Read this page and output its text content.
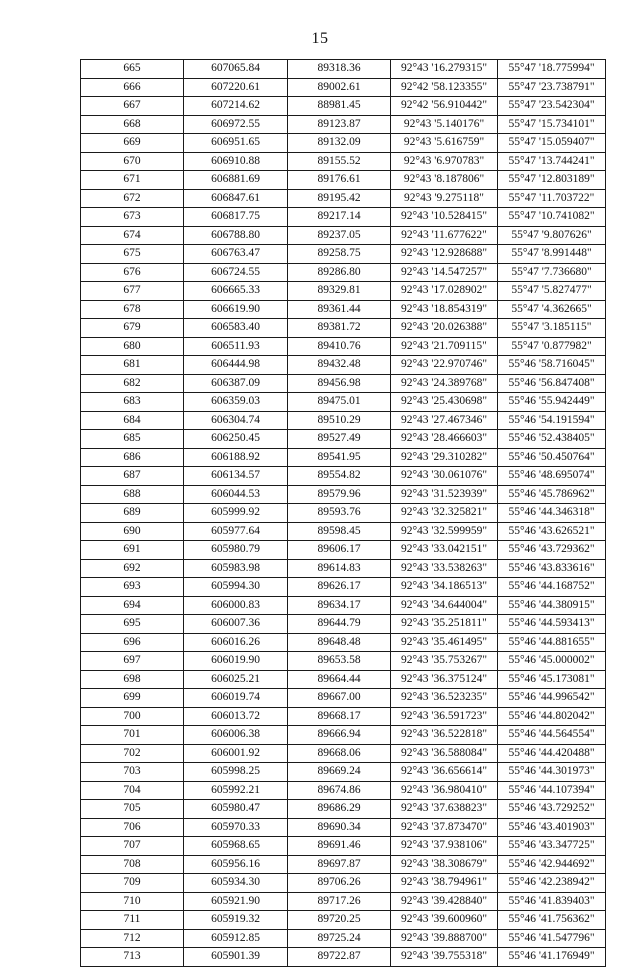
15
665	607065.84	89318.36	92°43 '16.279315"	55°47 '18.775994"
666	607220.61	89002.61	92°42 '58.123355"	55°47 '23.738791"
667	607214.62	88981.45	92°42 '56.910442"	55°47 '23.542304"
668	606972.55	89123.87	92°43 '5.140176"	55°47 '15.734101"
669	606951.65	89132.09	92°43 '5.616759"	55°47 '15.059407"
670	606910.88	89155.52	92°43 '6.970783"	55°47 '13.744241"
671	606881.69	89176.61	92°43 '8.187806"	55°47 '12.803189"
672	606847.61	89195.42	92°43 '9.275118"	55°47 '11.703722"
673	606817.75	89217.14	92°43 '10.528415"	55°47 '10.741082"
674	606788.80	89237.05	92°43 '11.677622"	55°47 '9.807626"
675	606763.47	89258.75	92°43 '12.928688"	55°47 '8.991448"
676	606724.55	89286.80	92°43 '14.547257"	55°47 '7.736680"
677	606665.33	89329.81	92°43 '17.028902"	55°47 '5.827477"
678	606619.90	89361.44	92°43 '18.854319"	55°47 '4.362665"
679	606583.40	89381.72	92°43 '20.026388"	55°47 '3.185115"
680	606511.93	89410.76	92°43 '21.709115"	55°47 '0.877982"
681	606444.98	89432.48	92°43 '22.970746"	55°46 '58.716045"
682	606387.09	89456.98	92°43 '24.389768"	55°46 '56.847408"
683	606359.03	89475.01	92°43 '25.430698"	55°46 '55.942449"
684	606304.74	89510.29	92°43 '27.467346"	55°46 '54.191594"
685	606250.45	89527.49	92°43 '28.466603"	55°46 '52.438405"
686	606188.92	89541.95	92°43 '29.310282"	55°46 '50.450764"
687	606134.57	89554.82	92°43 '30.061076"	55°46 '48.695074"
688	606044.53	89579.96	92°43 '31.523939"	55°46 '45.786962"
689	605999.92	89593.76	92°43 '32.325821"	55°46 '44.346318"
690	605977.64	89598.45	92°43 '32.599959"	55°46 '43.626521"
691	605980.79	89606.17	92°43 '33.042151"	55°46 '43.729362"
692	605983.98	89614.83	92°43 '33.538263"	55°46 '43.833616"
693	605994.30	89626.17	92°43 '34.186513"	55°46 '44.168752"
694	606000.83	89634.17	92°43 '34.644004"	55°46 '44.380915"
695	606007.36	89644.79	92°43 '35.251811"	55°46 '44.593413"
696	606016.26	89648.48	92°43 '35.461495"	55°46 '44.881655"
697	606019.90	89653.58	92°43 '35.753267"	55°46 '45.000002"
698	606025.21	89664.44	92°43 '36.375124"	55°46 '45.173081"
699	606019.74	89667.00	92°43 '36.523235"	55°46 '44.996542"
700	606013.72	89668.17	92°43 '36.591723"	55°46 '44.802042"
701	606006.38	89666.94	92°43 '36.522818"	55°46 '44.564554"
702	606001.92	89668.06	92°43 '36.588084"	55°46 '44.420488"
703	605998.25	89669.24	92°43 '36.656614"	55°46 '44.301973"
704	605992.21	89674.86	92°43 '36.980410"	55°46 '44.107394"
705	605980.47	89686.29	92°43 '37.638823"	55°46 '43.729252"
706	605970.33	89690.34	92°43 '37.873470"	55°46 '43.401903"
707	605968.65	89691.46	92°43 '37.938106"	55°46 '43.347725"
708	605956.16	89697.87	92°43 '38.308679"	55°46 '42.944692"
709	605934.30	89706.26	92°43 '38.794961"	55°46 '42.238942"
710	605921.90	89717.26	92°43 '39.428840"	55°46 '41.839403"
711	605919.32	89720.25	92°43 '39.600960"	55°46 '41.756362"
712	605912.85	89725.24	92°43 '39.888700"	55°46 '41.547796"
713	605901.39	89722.87	92°43 '39.755318"	55°46 '41.176949"
